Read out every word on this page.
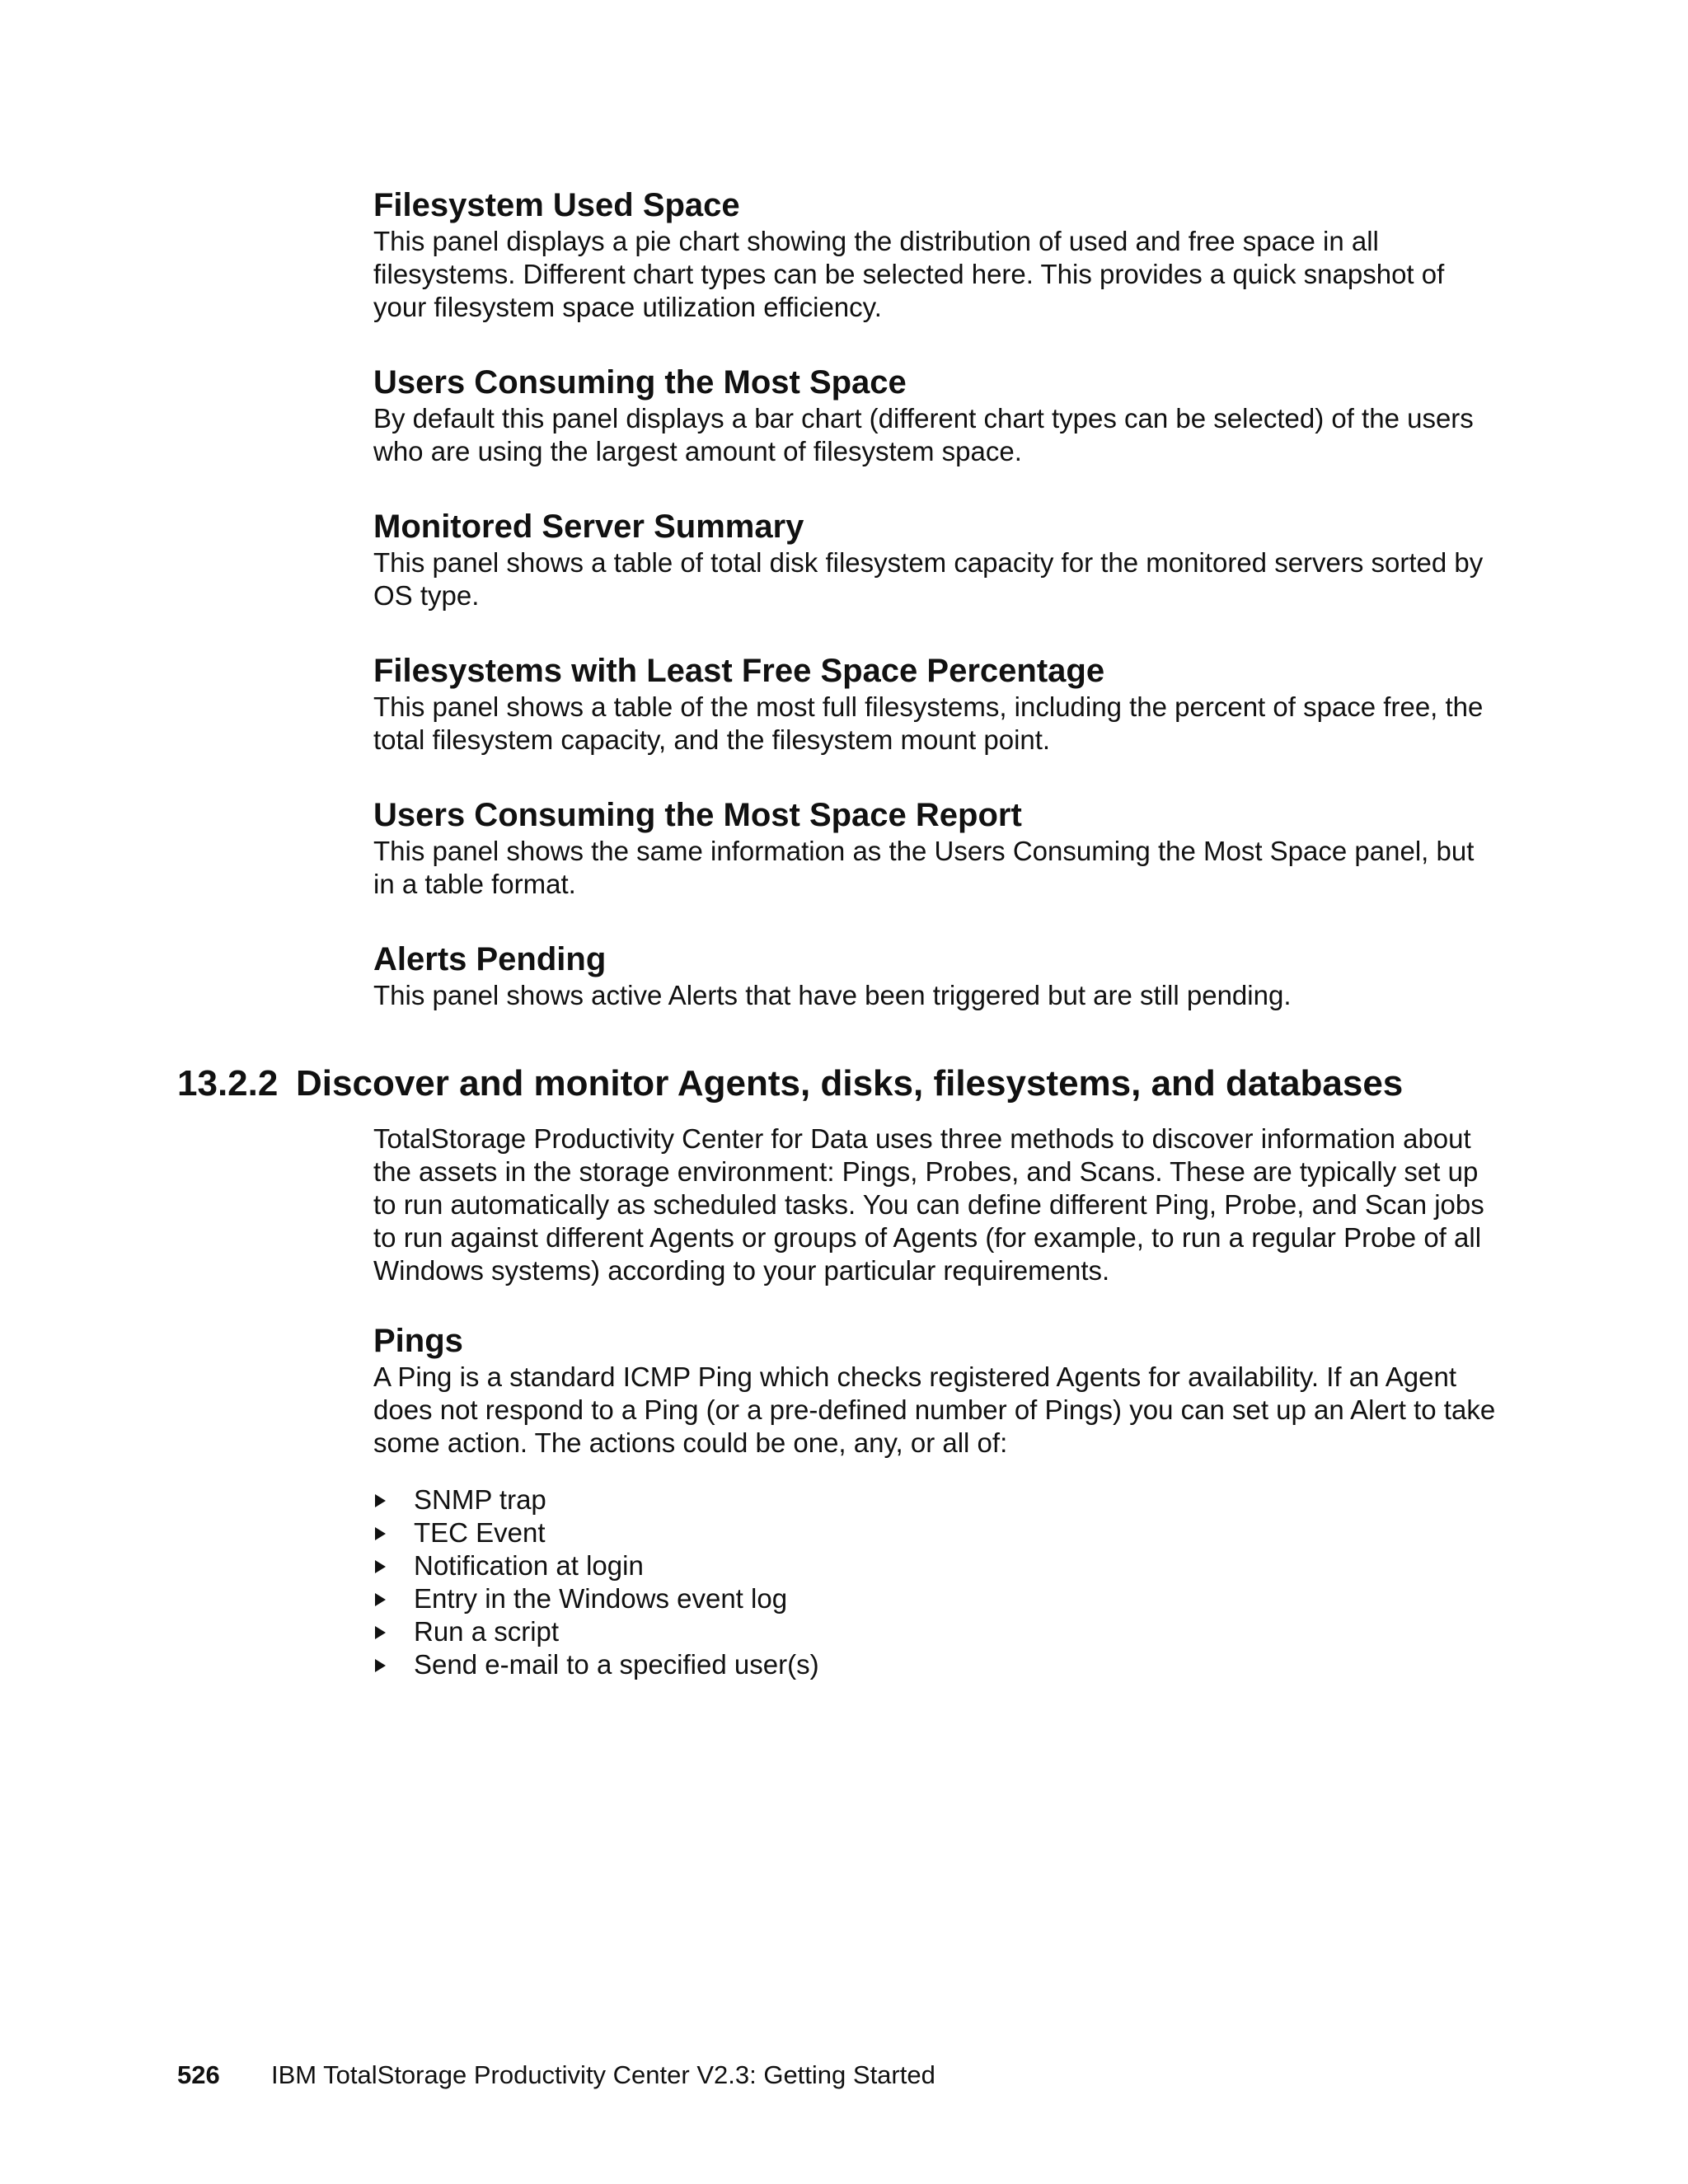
Filesystem Used Space

This panel displays a pie chart showing the distribution of used and free space in all filesystems. Different chart types can be selected here. This provides a quick snapshot of your filesystem space utilization efficiency.

Users Consuming the Most Space

By default this panel displays a bar chart (different chart types can be selected) of the users who are using the largest amount of filesystem space.

Monitored Server Summary

This panel shows a table of total disk filesystem capacity for the monitored servers sorted by OS type.

Filesystems with Least Free Space Percentage

This panel shows a table of the most full filesystems, including the percent of space free, the total filesystem capacity, and the filesystem mount point.

Users Consuming the Most Space Report

This panel shows the same information as the Users Consuming the Most Space panel, but in a table format.

Alerts Pending

This panel shows active Alerts that have been triggered but are still pending.

13.2.2 Discover and monitor Agents, disks, filesystems, and databases

TotalStorage Productivity Center for Data uses three methods to discover information about the assets in the storage environment: Pings, Probes, and Scans. These are typically set up to run automatically as scheduled tasks. You can define different Ping, Probe, and Scan jobs to run against different Agents or groups of Agents (for example, to run a regular Probe of all Windows systems) according to your particular requirements.

Pings

A Ping is a standard ICMP Ping which checks registered Agents for availability. If an Agent does not respond to a Ping (or a pre-defined number of Pings) you can set up an Alert to take some action. The actions could be one, any, or all of:

SNMP trap
TEC Event
Notification at login
Entry in the Windows event log
Run a script
Send e-mail to a specified user(s)
526 IBM TotalStorage Productivity Center V2.3: Getting Started
